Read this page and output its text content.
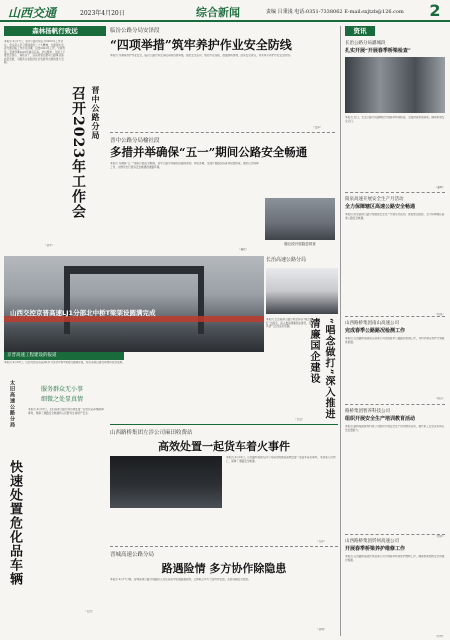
山西交通	2023年4月20日	综合新闻	责编 吕秉浅 电话:0351-7338062 E-mail:sxjtzb@126.com	2
森林扬帆行致远
晋中公路分局
召开2023年工作会
本报讯 4月17日，晋中公路分局召开2023年工作会议。会议深入学习贯彻党的二十大精神，全面落实全省交通运输工作会议部署，总结2022年工作，分析形势，安排部署2023年重点任务。会议要求，全局上下要坚定信心、真抓实干，以奋进姿态推动公路事业高质量发展，为服务全省经济社会发展作出新的更大贡献。
（晋中）
临汾公路分局安泽段
“四项举措”筑牢养护作业安全防线
本报讯 为确保养护作业安全，临汾公路分局安泽段采取四项举措，强化安全意识，规范作业流程，加强现场管理，落实安全责任，切实筑牢养护作业安全防线。
（安泽）
晋中公路分局榆社段
多措并举确保“五一”期间公路安全畅通
本报讯 为确保“五一”期间公路安全畅通，晋中公路分局榆社段提前谋划、周密部署，全面开展路况巡查和隐患排查，做好应急保障工作，为群众出行营造安全畅通的道路环境。
榆社段开展隐患排查
（榆社）
资讯
长治公路分局潞城段
扎实开展“开展春季桥梁检查”
本报讯 近日，长治公路分局潞城段开展春季桥梁检查，全面排查桥梁病害，确保桥梁安全运行。
（潞城）
阳泉高速开展安全生产月活动
全力保障辖区高速公路安全畅通
本报讯 阳泉高速公路分局围绕安全生产开展系列活动，排查整治隐患，全力保障辖区高速公路安全畅通。
（阳泉）
山西路桥集团南山高速公司
完成春季公路路况检测工作
本报讯 山西路桥集团南山高速公司完成春季公路路况检测工作，为科学制定养护计划提供依据。
（南山）
路桥集团智养科技公司
组织开展安全生产培训教育活动
本报讯 路桥集团智养科技公司组织开展安全生产培训教育活动，提升职工安全意识和应急处置能力。
（智养）
山西路桥集团忻州高速公司
开展春季桥梁养护维修工作
本报讯 山西路桥集团忻州高速公司开展春季桥梁养护维修工作，确保桥梁结构安全和通行畅通。
（忻州）
山西交控京晋高速LJ1分部北中桥T梁架设圆满完成
京晋高速工程建设的报道
本报讯 4月18日，山西交控京晋高速LJ1分部北中桥T梁架设圆满完成，标志着项目建设取得阶段性成果。
长治高速公路分局
“唱念做打”深入推进清廉国企建设
本报讯 长治高速公路分局坚持以“唱念做打”为抓手，深入推进清廉国企建设，营造风清气正的良好氛围。
（长治）
太旧高速公路分局	服务群众无小事
细微之处显真情
快速处置危化品车辆
本报讯 4月16日，太旧高速公路分局迅速处置一起危化品车辆故障事件，保障了道路安全畅通和人民群众生命财产安全。
（太旧）
山西路桥集团左涉公司麻田收费站
高效处置一起货车着火事件
本报讯 4月19日，山西路桥集团左涉公司麻田收费站高效处置一起货车着火事件，未造成人员伤亡，保障了道路安全畅通。
（左涉）
晋城高速公路分局
路遇险情 多方协作除隐患
本报讯 4月17日晚，晋城高速公路分局路政人员在巡查中发现路面险情，立即联合多方力量协作处置，及时消除安全隐患。
（晋城）
